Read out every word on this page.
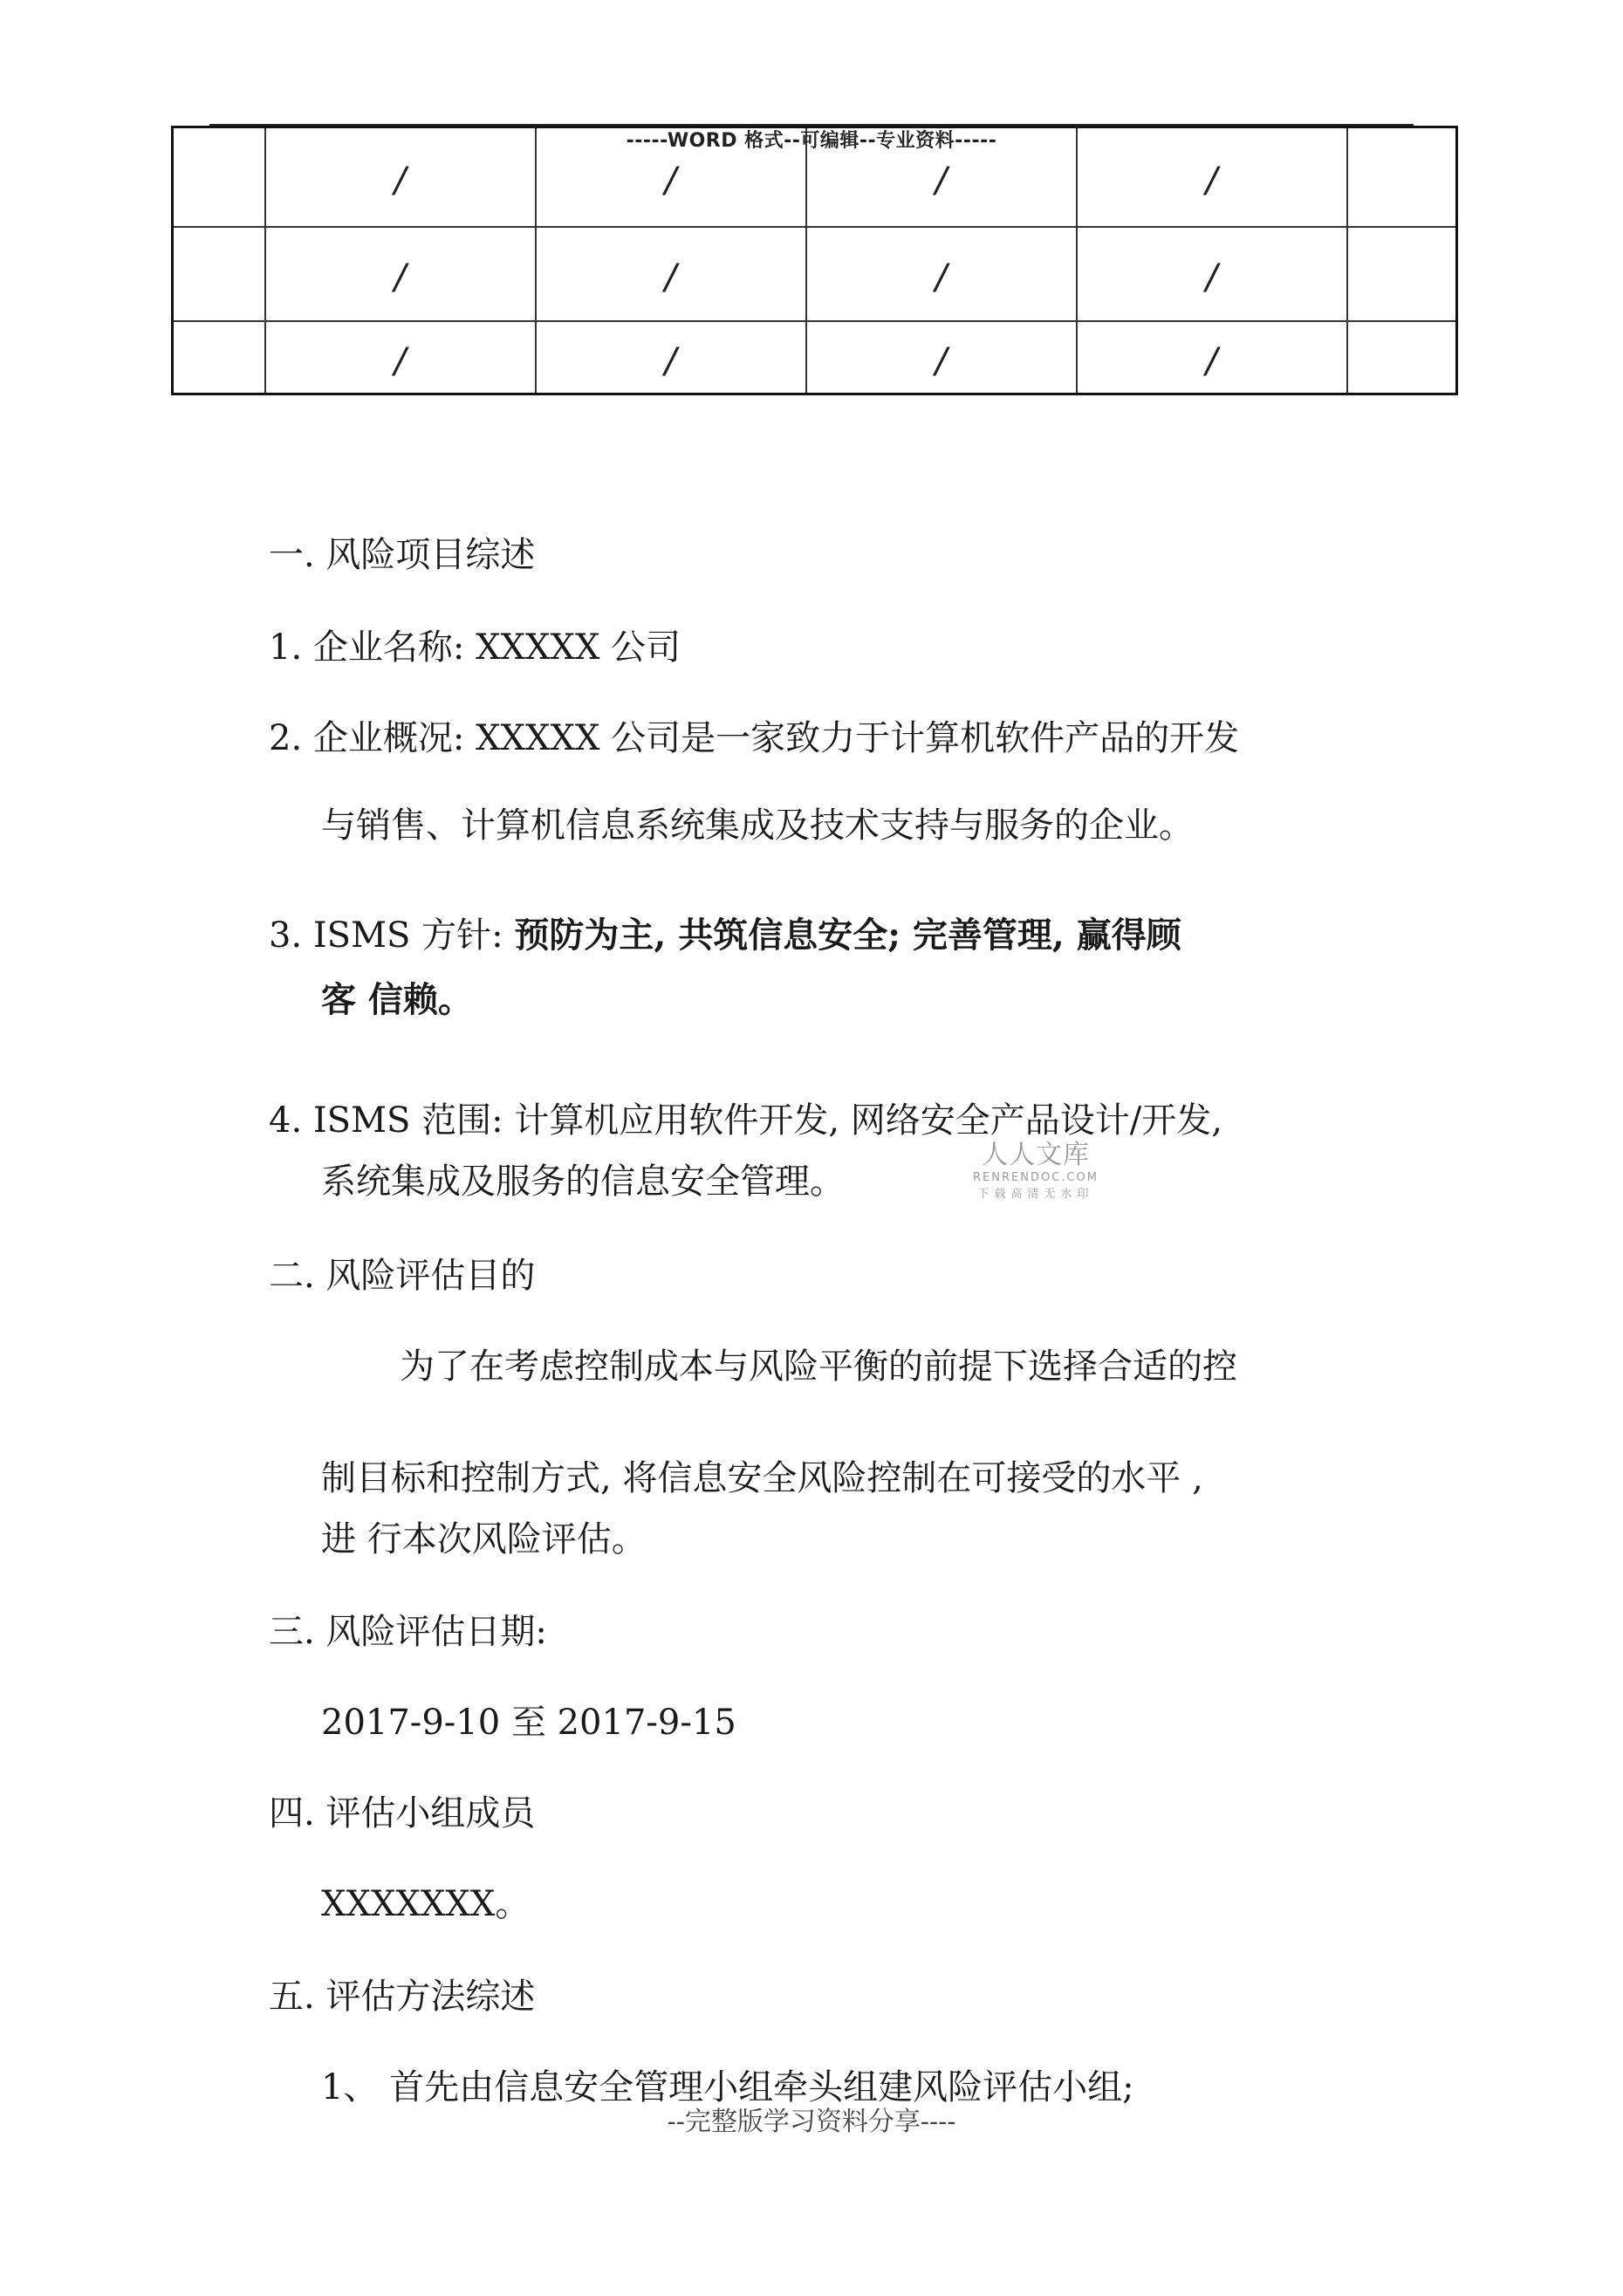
	/	/	/	/	
	/	/	/	/	
	/	/	/	/	
-----WORD 格式--可编辑--专业资料-----
一. 风险项目综述
1. 企业名称: XXXXX 公司
2. 企业概况: XXXXX 公司是一家致力于计算机软件产品的开发
与销售、计算机信息系统集成及技术支持与服务的企业。
3. ISMS 方针: 预防为主, 共筑信息安全; 完善管理, 赢得顾
客 信赖。
4. ISMS 范围: 计算机应用软件开发, 网络安全产品设计/开发,
系统集成及服务的信息安全管理。
人人文库
RENRENDOC.COM
下载高清无水印
二. 风险评估目的
为了在考虑控制成本与风险平衡的前提下选择合适的控
制目标和控制方式, 将信息安全风险控制在可接受的水平 ,
进 行本次风险评估。
三. 风险评估日期:
2017-9-10 至 2017-9-15
四. 评估小组成员
XXXXXXX。
五. 评估方法综述
1、 首先由信息安全管理小组牵头组建风险评估小组;
--完整版学习资料分享----
